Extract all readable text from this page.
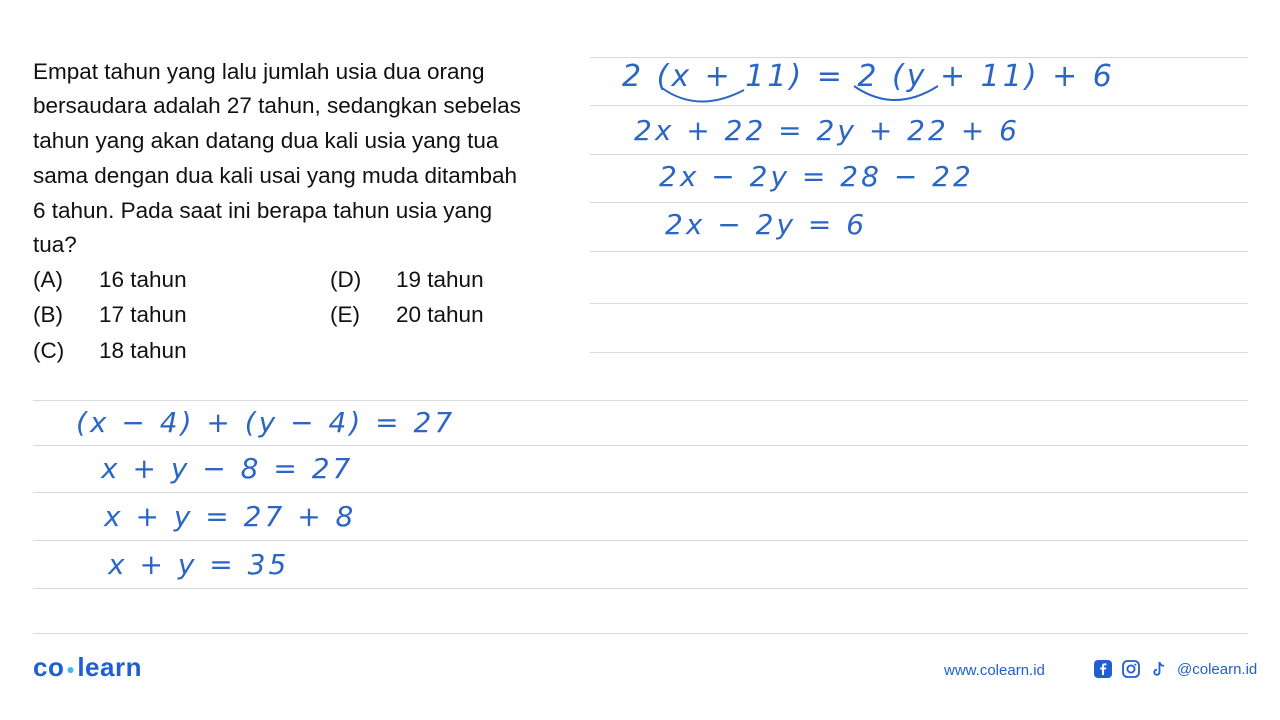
Empat tahun yang lalu jumlah usia dua orang
bersaudara adalah 27 tahun, sedangkan sebelas
tahun yang akan datang dua kali usia yang tua
sama dengan dua kali usai yang muda ditambah
6 tahun. Pada saat ini berapa tahun usia yang
tua?
(A) 16 tahun
(B) 17 tahun
(C) 18 tahun
(D) 19 tahun
(E) 20 tahun
2 (x + 11) = 2 (y + 11) + 6
2x + 22 = 2y + 22 + 6
2x − 2y = 28 − 22
2x − 2y = 6
(x − 4) + (y − 4) = 27
x + y − 8 = 27
x + y = 27 + 8
x + y = 35
co ●learn	www.colearn.id	@colearn.id
